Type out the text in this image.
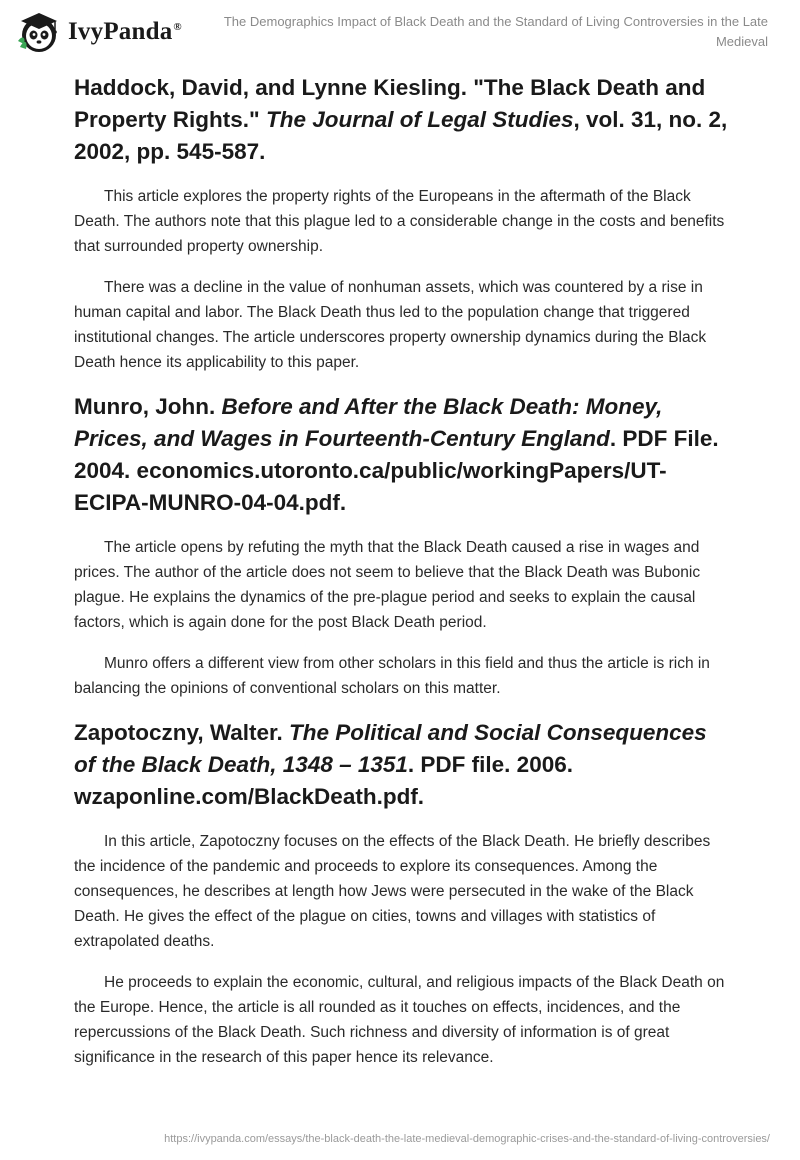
IvyPanda®	The Demographics Impact of Black Death and the Standard of Living Controversies in the Late Medieval
Haddock, David, and Lynne Kiesling. "The Black Death and Property Rights." The Journal of Legal Studies, vol. 31, no. 2, 2002, pp. 545-587.

This article explores the property rights of the Europeans in the aftermath of the Black Death. The authors note that this plague led to a considerable change in the costs and benefits that surrounded property ownership.

There was a decline in the value of nonhuman assets, which was countered by a rise in human capital and labor. The Black Death thus led to the population change that triggered institutional changes. The article underscores property ownership dynamics during the Black Death hence its applicability to this paper.

Munro, John. Before and After the Black Death: Money, Prices, and Wages in Fourteenth-Century England. PDF File. 2004. economics.utoronto.ca/public/workingPapers/UT-ECIPA-MUNRO-04-04.pdf.

The article opens by refuting the myth that the Black Death caused a rise in wages and prices. The author of the article does not seem to believe that the Black Death was Bubonic plague. He explains the dynamics of the pre-plague period and seeks to explain the causal factors, which is again done for the post Black Death period.

Munro offers a different view from other scholars in this field and thus the article is rich in balancing the opinions of conventional scholars on this matter.

Zapotoczny, Walter. The Political and Social Consequences of the Black Death, 1348 – 1351. PDF file. 2006. wzaponline.com/BlackDeath.pdf.

In this article, Zapotoczny focuses on the effects of the Black Death. He briefly describes the incidence of the pandemic and proceeds to explore its consequences. Among the consequences, he describes at length how Jews were persecuted in the wake of the Black Death. He gives the effect of the plague on cities, towns and villages with statistics of extrapolated deaths.

He proceeds to explain the economic, cultural, and religious impacts of the Black Death on the Europe. Hence, the article is all rounded as it touches on effects, incidences, and the repercussions of the Black Death. Such richness and diversity of information is of great significance in the research of this paper hence its relevance.

https://ivypanda.com/essays/the-black-death-the-late-medieval-demographic-crises-and-the-standard-of-living-controversies/
